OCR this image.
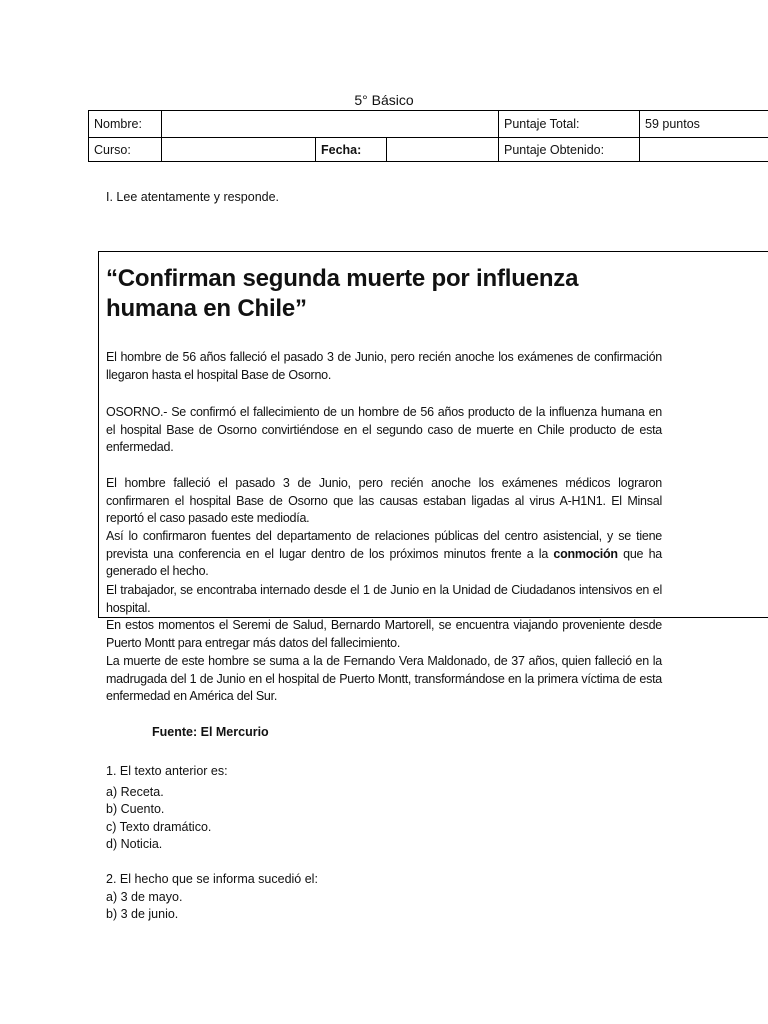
5° Básico
Nombre:				Puntaje Total:	59 puntos
Curso:		Fecha:		Puntaje Obtenido:	
I. Lee atentamente y responde.
“Confirman segunda muerte por influenza humana en Chile”
El hombre de 56 años falleció el pasado 3 de Junio, pero recién anoche los exámenes de confirmación llegaron hasta el hospital Base de Osorno.
OSORNO.- Se confirmó el fallecimiento de un hombre de 56 años producto de la influenza humana en el hospital Base de Osorno convirtiéndose en el segundo caso de muerte en Chile producto de esta enfermedad.
El hombre falleció el pasado 3 de Junio, pero recién anoche los exámenes médicos lograron confirmaren el hospital Base de Osorno que las causas estaban ligadas al virus A-H1N1. El Minsal reportó el caso pasado este mediodía.
Así lo confirmaron fuentes del departamento de relaciones públicas del centro asistencial, y se tiene prevista una conferencia en el lugar dentro de los próximos minutos frente a la conmoción que ha generado el hecho.
El trabajador, se encontraba internado desde el 1 de Junio en la Unidad de Ciudadanos intensivos en el hospital.
En estos momentos el Seremi de Salud, Bernardo Martorell, se encuentra viajando proveniente desde Puerto Montt para entregar más datos del fallecimiento.
La muerte de este hombre se suma a la de Fernando Vera Maldonado, de 37 años, quien falleció en la madrugada del 1 de Junio en el hospital de Puerto Montt, transformándose en la primera víctima de esta enfermedad en América del Sur.
Fuente: El Mercurio
1. El texto anterior es:
a) Receta.
b) Cuento.
c) Texto dramático.
d) Noticia.
2. El hecho que se informa sucedió el:
a) 3 de mayo.
b) 3 de junio.
